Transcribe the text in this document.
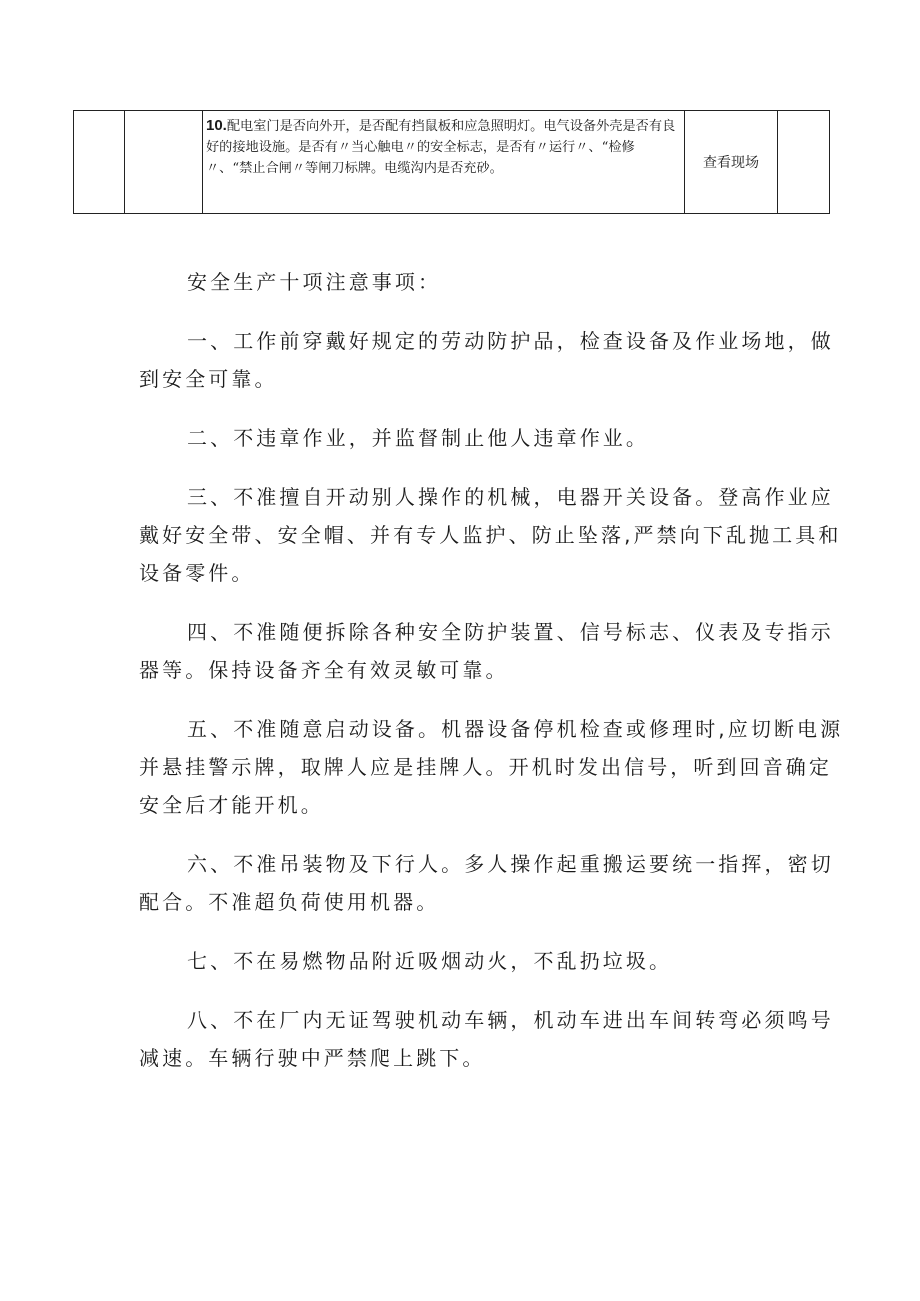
		10.配电室门是否向外开，是否配有挡鼠板和应急照明灯。电气设备外壳是否有良好的接地设施。是否有〃当心触电〃的安全标志，是否有〃运行〃、“检修〃、“禁止合闸〃等闸刀标牌。电缆沟内是否充砂。	查看现场	

安全生产十项注意事项：

一、工作前穿戴好规定的劳动防护品，检查设备及作业场地，做到安全可靠。

二、不违章作业，并监督制止他人违章作业。

三、不准擅自开动别人操作的机械，电器开关设备。登高作业应戴好安全带、安全帽、并有专人监护、防止坠落,严禁向下乱抛工具和设备零件。

四、不准随便拆除各种安全防护装置、信号标志、仪表及专指示器等。保持设备齐全有效灵敏可靠。

五、不准随意启动设备。机器设备停机检查或修理时,应切断电源并悬挂警示牌，取牌人应是挂牌人。开机时发出信号，听到回音确定安全后才能开机。

六、不准吊装物及下行人。多人操作起重搬运要统一指挥，密切配合。不准超负荷使用机器。

七、不在易燃物品附近吸烟动火，不乱扔垃圾。

八、不在厂内无证驾驶机动车辆，机动车进出车间转弯必须鸣号减速。车辆行驶中严禁爬上跳下。
